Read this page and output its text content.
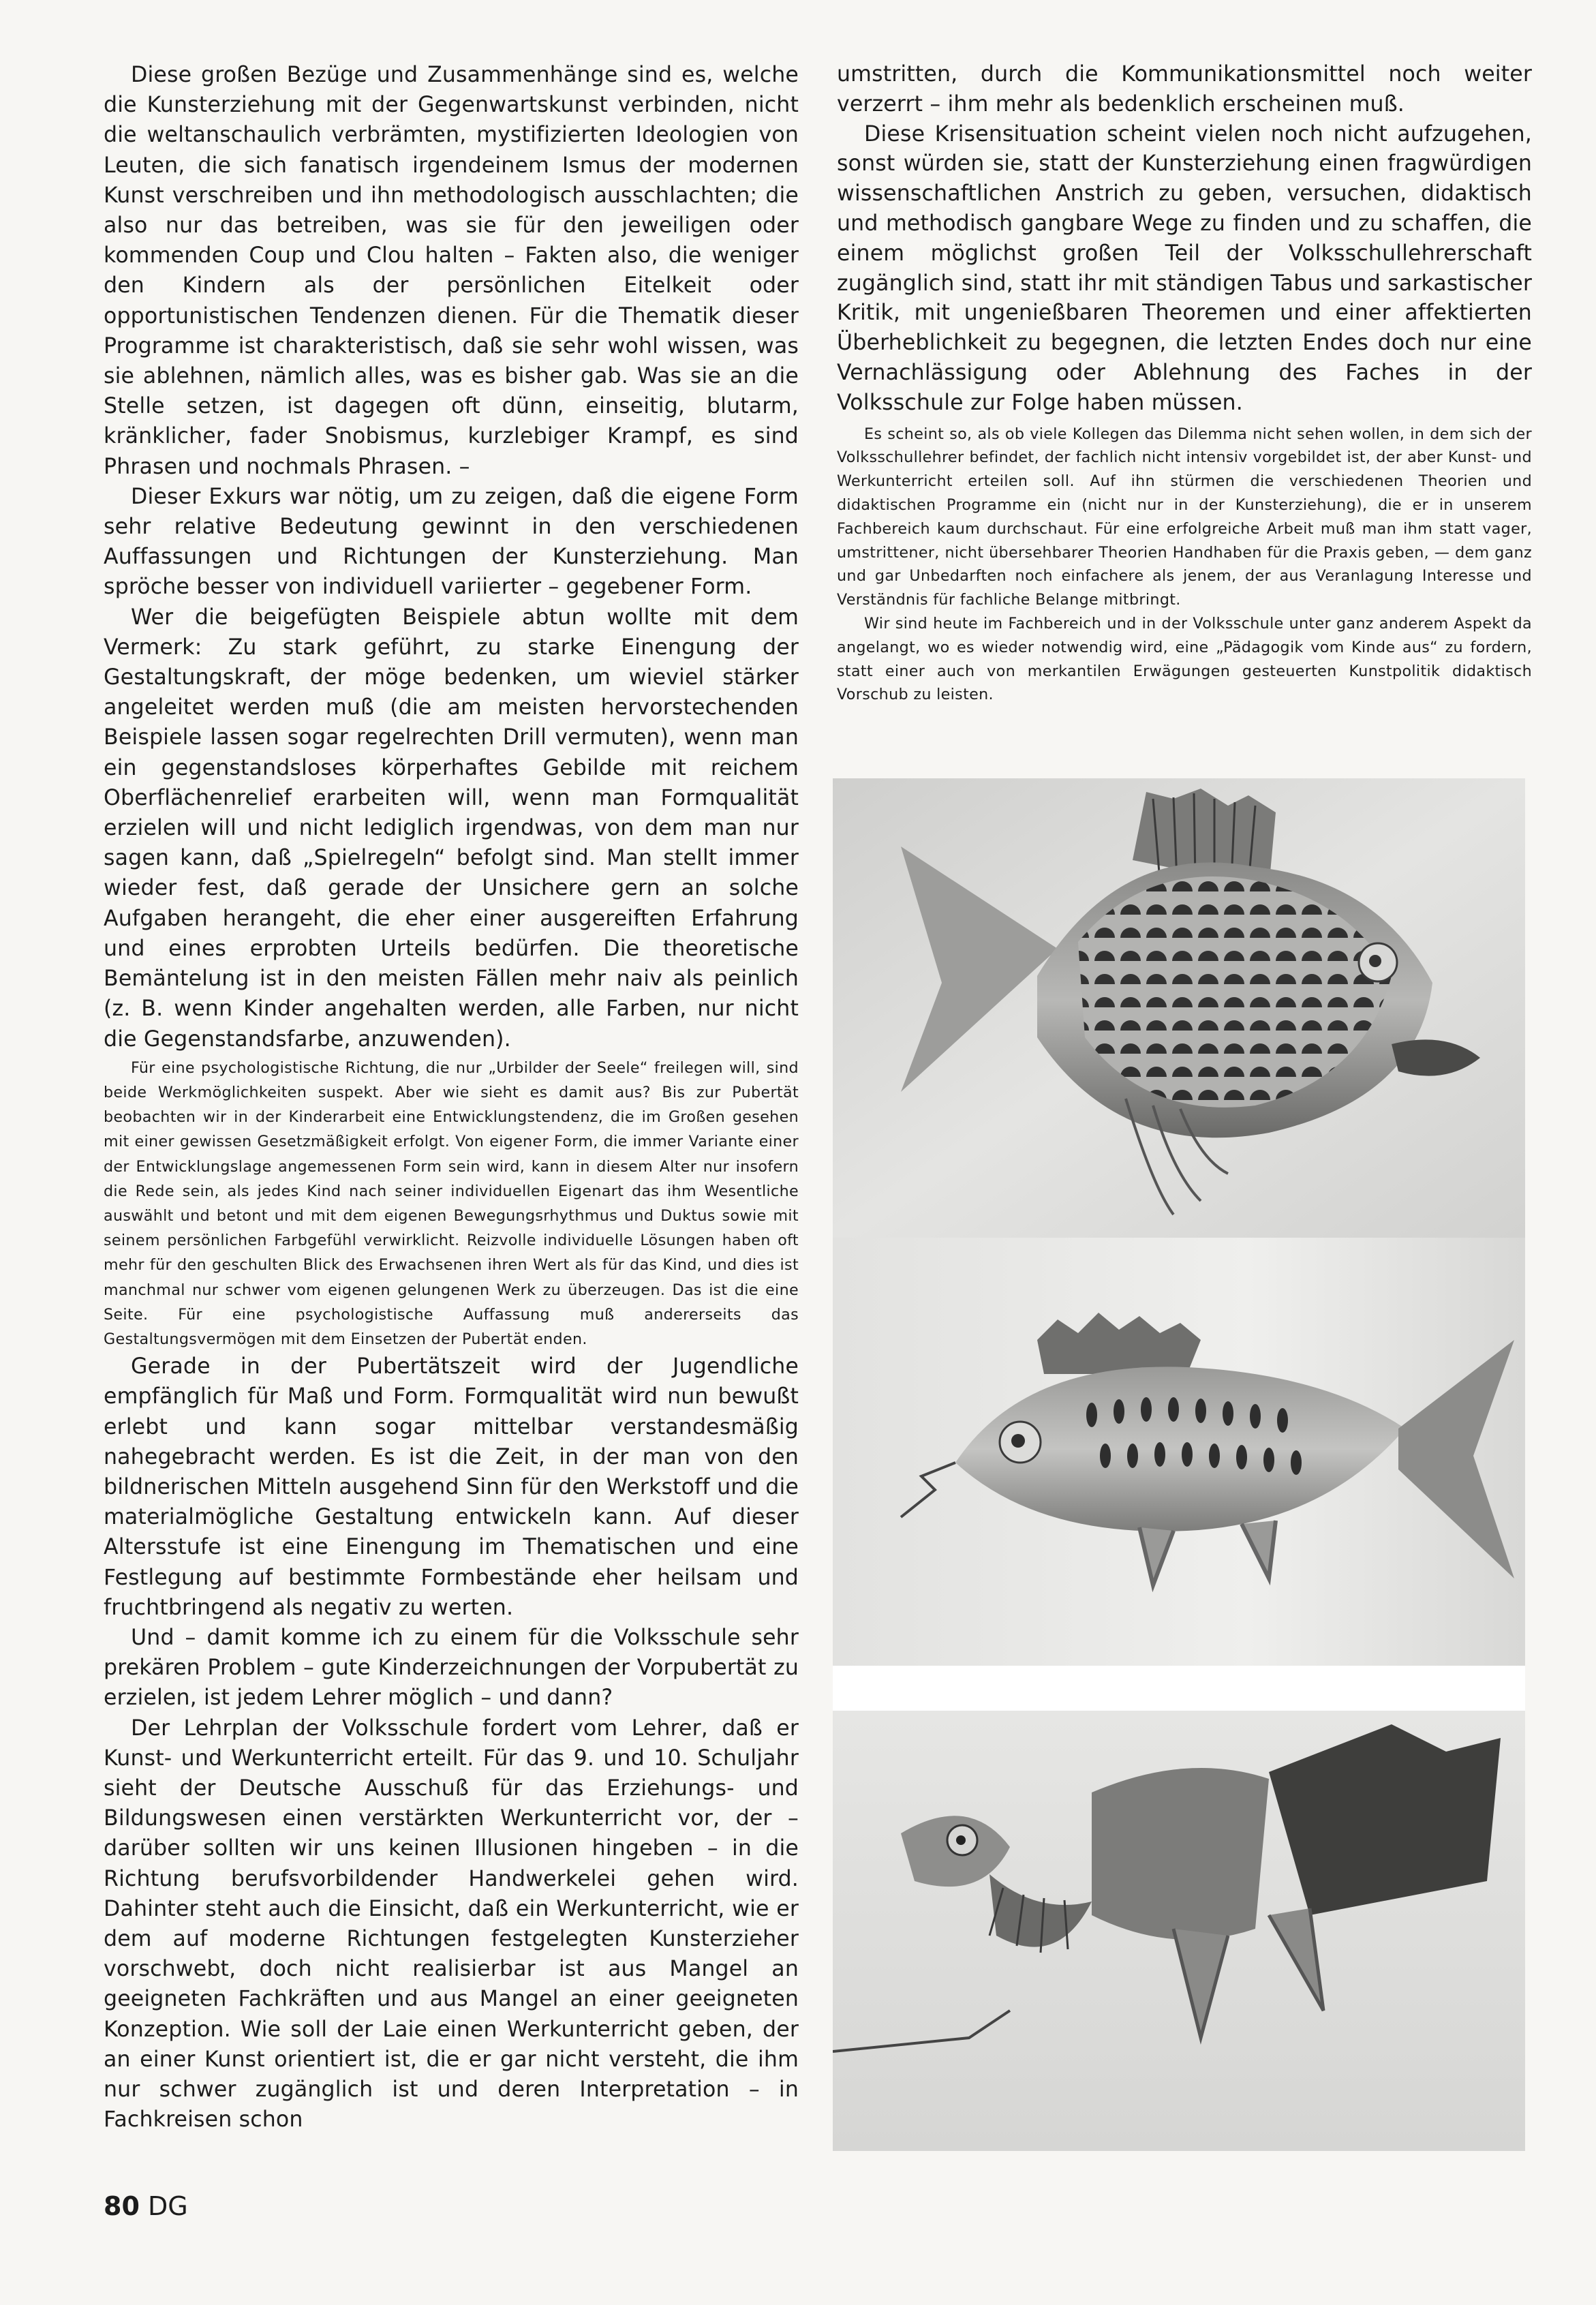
Diese großen Bezüge und Zusammenhänge sind es, welche die Kunsterziehung mit der Gegenwartskunst verbinden, nicht die weltanschaulich verbrämten, mystifizierten Ideologien von Leuten, die sich fanatisch irgendeinem Ismus der modernen Kunst verschreiben und ihn methodologisch ausschlachten; die also nur das betreiben, was sie für den jeweiligen oder kommenden Coup und Clou halten – Fakten also, die weniger den Kindern als der persönlichen Eitelkeit oder opportunistischen Tendenzen dienen. Für die Thematik dieser Programme ist charakteristisch, daß sie sehr wohl wissen, was sie ablehnen, nämlich alles, was es bisher gab. Was sie an die Stelle setzen, ist dagegen oft dünn, einseitig, blutarm, kränklicher, fader Snobismus, kurzlebiger Krampf, es sind Phrasen und nochmals Phrasen. –

Dieser Exkurs war nötig, um zu zeigen, daß die eigene Form sehr relative Bedeutung gewinnt in den verschiedenen Auffassungen und Richtungen der Kunsterziehung. Man spröche besser von individuell variierter – gegebener Form.

Wer die beigefügten Beispiele abtun wollte mit dem Vermerk: Zu stark geführt, zu starke Einengung der Gestaltungskraft, der möge bedenken, um wieviel stärker angeleitet werden muß (die am meisten hervorstechenden Beispiele lassen sogar regelrechten Drill vermuten), wenn man ein gegenstandsloses körperhaftes Gebilde mit reichem Oberflächenrelief erarbeiten will, wenn man Formqualität erzielen will und nicht lediglich irgendwas, von dem man nur sagen kann, daß „Spielregeln“ befolgt sind. Man stellt immer wieder fest, daß gerade der Unsichere gern an solche Aufgaben herangeht, die eher einer ausgereiften Erfahrung und eines erprobten Urteils bedürfen. Die theoretische Bemäntelung ist in den meisten Fällen mehr naiv als peinlich (z. B. wenn Kinder angehalten werden, alle Farben, nur nicht die Gegenstandsfarbe, anzuwenden).

Für eine psychologistische Richtung, die nur „Urbilder der Seele“ freilegen will, sind beide Werkmöglichkeiten suspekt. Aber wie sieht es damit aus? Bis zur Pubertät beobachten wir in der Kinderarbeit eine Entwicklungstendenz, die im Großen gesehen mit einer gewissen Gesetzmäßigkeit erfolgt. Von eigener Form, die immer Variante einer der Entwicklungslage angemessenen Form sein wird, kann in diesem Alter nur insofern die Rede sein, als jedes Kind nach seiner individuellen Eigenart das ihm Wesentliche auswählt und betont und mit dem eigenen Bewegungsrhythmus und Duktus sowie mit seinem persönlichen Farbgefühl verwirklicht. Reizvolle individuelle Lösungen haben oft mehr für den geschulten Blick des Erwachsenen ihren Wert als für das Kind, und dies ist manchmal nur schwer vom eigenen gelungenen Werk zu überzeugen. Das ist die eine Seite. Für eine psychologistische Auffassung muß andererseits das Gestaltungsvermögen mit dem Einsetzen der Pubertät enden.

Gerade in der Pubertätszeit wird der Jugendliche empfänglich für Maß und Form. Formqualität wird nun bewußt erlebt und kann sogar mittelbar verstandesmäßig nahegebracht werden. Es ist die Zeit, in der man von den bildnerischen Mitteln ausgehend Sinn für den Werkstoff und die materialmögliche Gestaltung entwickeln kann. Auf dieser Altersstufe ist eine Einengung im Thematischen und eine Festlegung auf bestimmte Formbestände eher heilsam und fruchtbringend als negativ zu werten.

Und – damit komme ich zu einem für die Volksschule sehr prekären Problem – gute Kinderzeichnungen der Vorpubertät zu erzielen, ist jedem Lehrer möglich – und dann?

Der Lehrplan der Volksschule fordert vom Lehrer, daß er Kunst- und Werkunterricht erteilt. Für das 9. und 10. Schuljahr sieht der Deutsche Ausschuß für das Erziehungs- und Bildungswesen einen verstärkten Werkunterricht vor, der – darüber sollten wir uns keinen Illusionen hingeben – in die Richtung berufsvorbildender Handwerkelei gehen wird. Dahinter steht auch die Einsicht, daß ein Werkunterricht, wie er dem auf moderne Richtungen festgelegten Kunsterzieher vorschwebt, doch nicht realisierbar ist aus Mangel an geeigneten Fachkräften und aus Mangel an einer geeigneten Konzeption. Wie soll der Laie einen Werkunterricht geben, der an einer Kunst orientiert ist, die er gar nicht versteht, die ihm nur schwer zugänglich ist und deren Interpretation – in Fachkreisen schon

umstritten, durch die Kommunikationsmittel noch weiter verzerrt – ihm mehr als bedenklich erscheinen muß.

Diese Krisensituation scheint vielen noch nicht aufzugehen, sonst würden sie, statt der Kunsterziehung einen fragwürdigen wissenschaftlichen Anstrich zu geben, versuchen, didaktisch und methodisch gangbare Wege zu finden und zu schaffen, die einem möglichst großen Teil der Volksschullehrerschaft zugänglich sind, statt ihr mit ständigen Tabus und sarkastischer Kritik, mit ungenießbaren Theoremen und einer affektierten Überheblichkeit zu begegnen, die letzten Endes doch nur eine Vernachlässigung oder Ablehnung des Faches in der Volksschule zur Folge haben müssen.

Es scheint so, als ob viele Kollegen das Dilemma nicht sehen wollen, in dem sich der Volksschullehrer befindet, der fachlich nicht intensiv vorgebildet ist, der aber Kunst- und Werkunterricht erteilen soll. Auf ihn stürmen die verschiedenen Theorien und didaktischen Programme ein (nicht nur in der Kunsterziehung), die er in unserem Fachbereich kaum durchschaut. Für eine erfolgreiche Arbeit muß man ihm statt vager, umstrittener, nicht übersehbarer Theorien Handhaben für die Praxis geben, — dem ganz und gar Unbedarften noch einfachere als jenem, der aus Veranlagung Interesse und Verständnis für fachliche Belange mitbringt.

Wir sind heute im Fachbereich und in der Volksschule unter ganz anderem Aspekt da angelangt, wo es wieder notwendig wird, eine „Pädagogik vom Kinde aus“ zu fordern, statt einer auch von merkantilen Erwägungen gesteuerten Kunstpolitik didaktisch Vorschub zu leisten.

80 DG
